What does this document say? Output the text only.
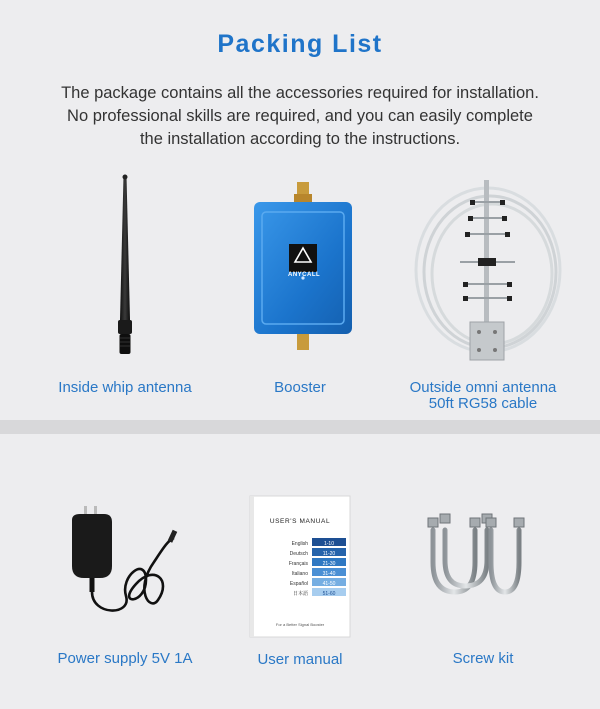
Packing List
The package contains all the accessories required for installation.
No professional skills are required, and you can easily complete
the installation according to the instructions.
ANYCALL
USER'S MANUAL
English	1-10
Deutsch	11-20
Français	21-30
Italiano	31-40
Español	41-50
日本語	51-60
For a Better Signal Booster
Inside whip antenna	Booster	Outside omni antenna
50ft RG58 cable
Power supply 5V 1A	User manual	Screw kit
